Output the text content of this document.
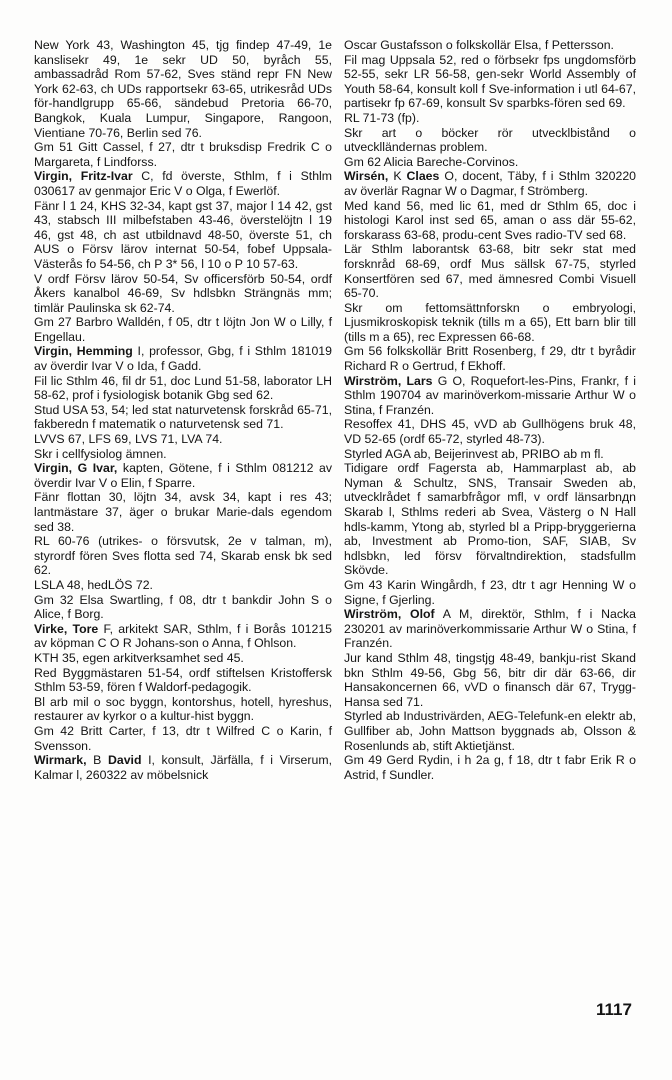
New York 43, Washington 45, tjg findep 47-49, 1e kanslisekr 49, 1e sekr UD 50, byråch 55, ambassadråd Rom 57-62, Sves ständ repr FN New York 62-63, ch UDs rapportsekr 63-65, utrikesråd UDs för-handlgrupp 65-66, sändebud Pretoria 66-70, Bangkok, Kuala Lumpur, Singapore, Rangoon, Vientiane 70-76, Berlin sed 76.

Gm 51 Gitt Cassel, f 27, dtr t bruksdisp Fredrik C o Margareta, f Lindforss.

Virgin, Fritz-Ivar C, fd överste, Sthlm, f i Sthlm 030617 av genmajor Eric V o Olga, f Ewerlöf.

Fänr l 1 24, KHS 32-34, kapt gst 37, major l 14 42, gst 43, stabsch III milbefstaben 43-46, överstelöjtn l 19 46, gst 48, ch ast utbildnavd 48-50, överste 51, ch AUS o Försv lärov internat 50-54, fobef Uppsala-Västerås fo 54-56, ch P 3* 56, l 10 o P 10 57-63.

V ordf Försv lärov 50-54, Sv officersförb 50-54, ordf Åkers kanalbol 46-69, Sv hdlsbkn Strängnäs mm; timlär Paulinska sk 62-74.

Gm 27 Barbro Walldén, f 05, dtr t löjtn Jon W o Lilly, f Engellau.

Virgin, Hemming I, professor, Gbg, f i Sthlm 181019 av överdir Ivar V o Ida, f Gadd.

Fil lic Sthlm 46, fil dr 51, doc Lund 51-58, laborator LH 58-62, prof i fysiologisk botanik Gbg sed 62.

Stud USA 53, 54; led stat naturvetensk forskråd 65-71, fakberedn f matematik o naturvetensk sed 71.

LVVS 67, LFS 69, LVS 71, LVA 74.

Skr i cellfysiolog ämnen.

Virgin, G Ivar, kapten, Götene, f i Sthlm 081212 av överdir Ivar V o Elin, f Sparre.

Fänr flottan 30, löjtn 34, avsk 34, kapt i res 43; lantmästare 37, äger o brukar Marie-dals egendom sed 38.

RL 60-76 (utrikes- o försvutsk, 2e v talman, m), styrordf fören Sves flotta sed 74, Skarab ensk bk sed 62.

LSLA 48, hedLÖS 72.

Gm 32 Elsa Swartling, f 08, dtr t bankdir John S o Alice, f Borg.

Virke, Tore F, arkitekt SAR, Sthlm, f i Borås 101215 av köpman C O R Johans-son o Anna, f Ohlson.

KTH 35, egen arkitverksamhet sed 45.

Red Byggmästaren 51-54, ordf stiftelsen Kristoffersk Sthlm 53-59, fören f Waldorf-pedagogik.

Bl arb mil o soc byggn, kontorshus, hotell, hyreshus, restaurer av kyrkor o a kultur-hist byggn.

Gm 42 Britt Carter, f 13, dtr t Wilfred C o Karin, f Svensson.

Wirmark, B David I, konsult, Järfälla, f i Virserum, Kalmar l, 260322 av möbelsnick

Oscar Gustafsson o folkskollär Elsa, f Pettersson.

Fil mag Uppsala 52, red o förbsekr fps ungdomsförb 52-55, sekr LR 56-58, gen-sekr World Assembly of Youth 58-64, konsult koll f Sve-information i utl 64-67, partisekr fp 67-69, konsult Sv sparbks-fören sed 69.

RL 71-73 (fp).

Skr art o böcker rör utvecklbistånd o utvecklländernas problem.

Gm 62 Alicia Bareche-Corvinos.

Wirsén, K Claes O, docent, Täby, f i Sthlm 320220 av överlär Ragnar W o Dagmar, f Strömberg.

Med kand 56, med lic 61, med dr Sthlm 65, doc i histologi Karol inst sed 65, aman o ass där 55-62, forskarass 63-68, produ-cent Sves radio-TV sed 68.

Lär Sthlm laborantsk 63-68, bitr sekr stat med forsknråd 68-69, ordf Mus sällsk 67-75, styrled Konsertfören sed 67, med ämnesred Combi Visuell 65-70.

Skr om fettomsättnforskn o embryologi, Ljusmikroskopisk teknik (tills m a 65), Ett barn blir till (tills m a 65), rec Expressen 66-68.

Gm 56 folkskollär Britt Rosenberg, f 29, dtr t byrådir Richard R o Gertrud, f Ekhoff.

Wirström, Lars G O, Roquefort-les-Pins, Frankr, f i Sthlm 190704 av marinöverkom-missarie Arthur W o Stina, f Franzén.

Resoffex 41, DHS 45, vVD ab Gullhögens bruk 48, VD 52-65 (ordf 65-72, styrled 48-73).

Styrled AGA ab, Beijerinvest ab, PRIBO ab m fl.

Tidigare ordf Fagersta ab, Hammarplast ab, ab Nyman & Schultz, SNS, Transair Sweden ab, utvecklrådet f samarbfrågor mfl, v ordf länsarbnдn Skarab l, Sthlms rederi ab Svea, Västerg o N Hall hdls-kamm, Ytong ab, styrled bl a Pripp-bryggerierna ab, Investment ab Promo-tion, SAF, SIAB, Sv hdlsbkn, led försv förvaltndirektion, stadsfullm Skövde.

Gm 43 Karin Wingårdh, f 23, dtr t agr Henning W o Signe, f Gjerling.

Wirström, Olof A M, direktör, Sthlm, f i Nacka 230201 av marinöverkommissarie Arthur W o Stina, f Franzén.

Jur kand Sthlm 48, tingstjg 48-49, bankju-rist Skand bkn Sthlm 49-56, Gbg 56, bitr dir där 63-66, dir Hansakoncernen 66, vVD o finansch där 67, Trygg-Hansa sed 71.

Styrled ab Industrivärden, AEG-Telefunk-en elektr ab, Gullfiber ab, John Mattson byggnads ab, Olsson & Rosenlunds ab, stift Aktietjänst.

Gm 49 Gerd Rydin, i h 2a g, f 18, dtr t fabr Erik R o Astrid, f Sundler.

1117
